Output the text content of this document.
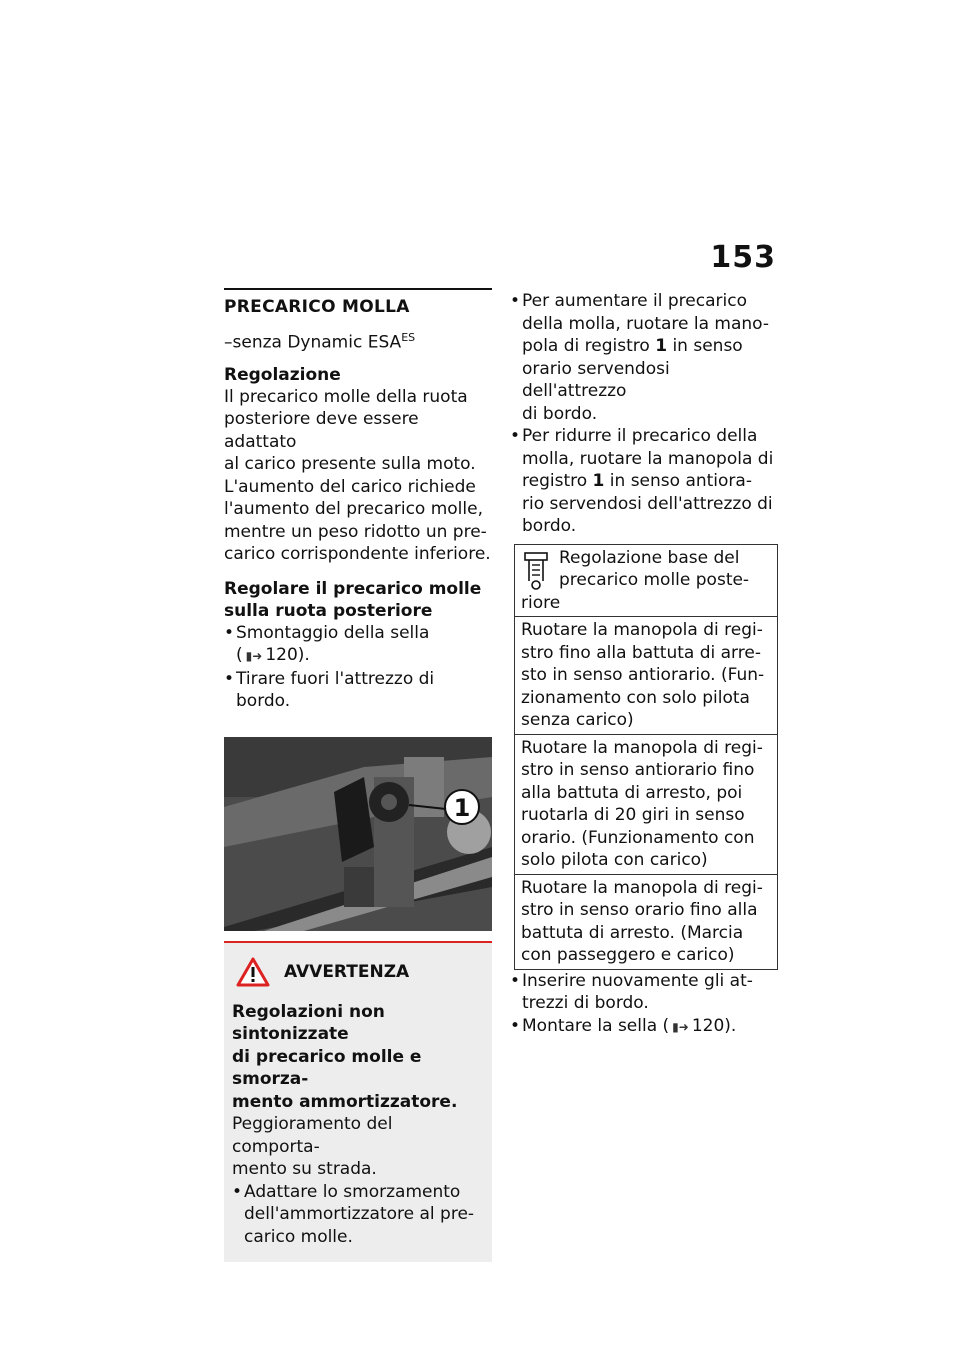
153
PRECARICO MOLLA
–senza Dynamic $ESA^{ES}$
Regolazione
Il precarico molle della ruota
posteriore deve essere adattato
al carico presente sulla moto.
L'aumento del carico richiede
l'aumento del precarico molle,
mentre un peso ridotto un pre-
carico corrispondente inferiore.
Regolare il precarico molle
sulla ruota posteriore
• Smontaggio della sella
( ▮➜ 120).
• Tirare fuori l'attrezzo di bordo.
1
AVVERTENZA
Regolazioni non sintonizzate
di precarico molle e smorza-
mento ammortizzatore.
Peggioramento del comporta-
mento su strada.
• Adattare lo smorzamento
dell'ammortizzatore al pre-
carico molle.
• Per aumentare il precarico
della molla, ruotare la mano-
pola di registro 1 in senso
orario servendosi dell'attrezzo
di bordo.
• Per ridurre il precarico della
molla, ruotare la manopola di
registro 1 in senso antiora-
rio servendosi dell'attrezzo di
bordo.
Regolazione base del
precarico molle poste-
riore
Ruotare la manopola di regi-
stro fino alla battuta di arre-
sto in senso antiorario. (Fun-
zionamento con solo pilota
senza carico)
Ruotare la manopola di regi-
stro in senso antiorario fino
alla battuta di arresto, poi
ruotarla di 20 giri in senso
orario. (Funzionamento con
solo pilota con carico)
Ruotare la manopola di regi-
stro in senso orario fino alla
battuta di arresto. (Marcia
con passeggero e carico)
• Inserire nuovamente gli at-
trezzi di bordo.
• Montare la sella ( ▮➜ 120).
